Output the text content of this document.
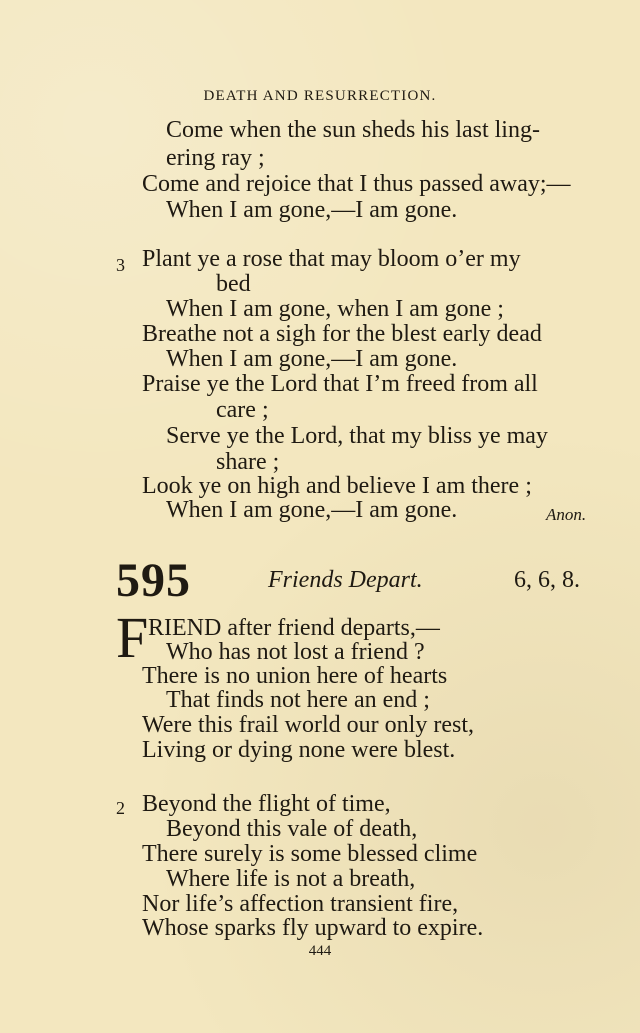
DEATH AND RESURRECTION.
Come when the sun sheds his last ling-
ering ray ;
Come and rejoice that I thus passed away;—
When I am gone,—I am gone.
3 Plant ye a rose that may bloom o’er my
bed
When I am gone, when I am gone ;
Breathe not a sigh for the blest early dead
When I am gone,—I am gone.
Praise ye the Lord that I’m freed from all
care ;
Serve ye the Lord, that my bliss ye may
share ;
Look ye on high and believe I am there ;
When I am gone,—I am gone.	Anon.
595	Friends Depart.	6, 6, 8.
F RIEND after friend departs,—
Who has not lost a friend ?
There is no union here of hearts
That finds not here an end ;
Were this frail world our only rest,
Living or dying none were blest.
2 Beyond the flight of time,
Beyond this vale of death,
There surely is some blessed clime
Where life is not a breath,
Nor life’s affection transient fire,
Whose sparks fly upward to expire.
444
